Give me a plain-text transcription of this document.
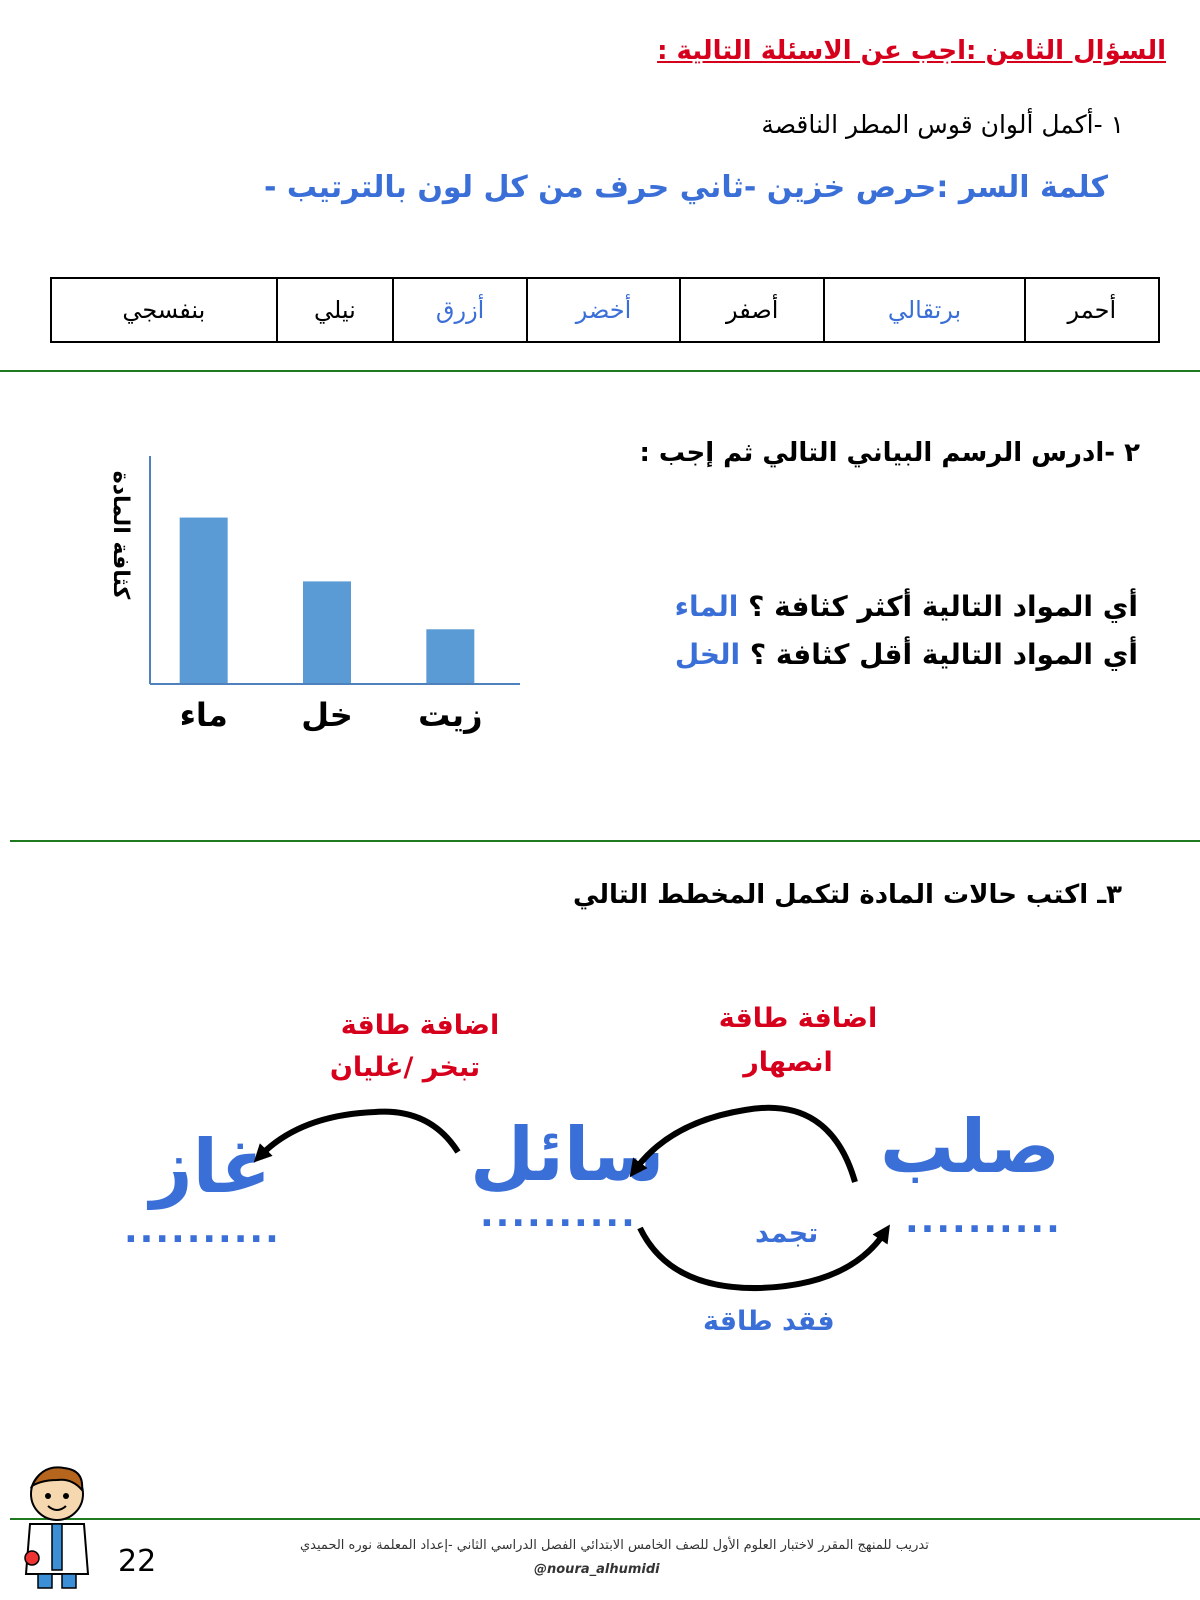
السؤال الثامن :اجب عن الاسئلة التالية :
١ -أكمل ألوان قوس المطر الناقصة
كلمة السر :حرص خزين -ثاني حرف من كل لون بالترتيب -
أحمر	برتقالي	أصفر	أخضر	أزرق	نيلي	بنفسجي
٢ -ادرس الرسم البياني التالي ثم إجب :
أي المواد التالية أكثر كثافة ؟ الماء
أي المواد التالية أقل كثافة ؟ الخل
كثافة المادة
ماء خل زيت
٣ـ اكتب حالات المادة لتكمل المخطط التالي
اضافة طاقة
انصهار
اضافة طاقة
تبخر /غليان
صلب
سائل
غاز
..........
..........
..........	تجمد
فقد طاقة
تدريب للمنهج المقرر لاختبار العلوم الأول للصف الخامس الابتدائي الفصل الدراسي الثاني -إعداد المعلمة نوره الحميدي
@noura_alhumidi
22
